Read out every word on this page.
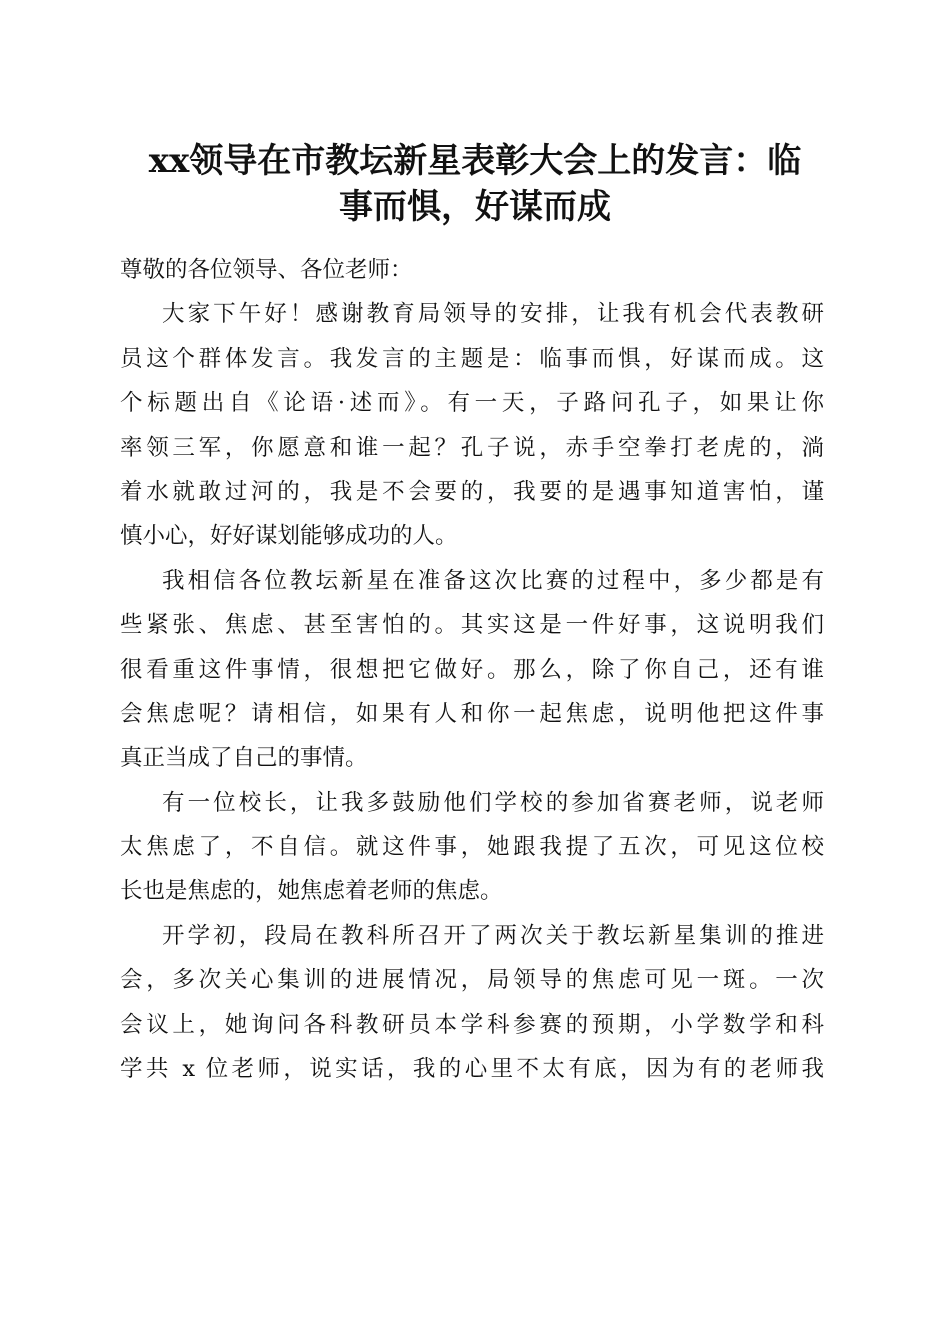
xx领导在市教坛新星表彰大会上的发言：临
事而惧，好谋而成
尊敬的各位领导、各位老师：
大家下午好！感谢教育局领导的安排，让我有机会代表教研
员这个群体发言。我发言的主题是：临事而惧，好谋而成。这
个标题出自《论语·述而》。有一天，子路问孔子，如果让你
率领三军，你愿意和谁一起？孔子说，赤手空拳打老虎的，淌
着水就敢过河的，我是不会要的，我要的是遇事知道害怕，谨
慎小心，好好谋划能够成功的人。
我相信各位教坛新星在准备这次比赛的过程中，多少都是有
些紧张、焦虑、甚至害怕的。其实这是一件好事，这说明我们
很看重这件事情，很想把它做好。那么，除了你自己，还有谁
会焦虑呢？请相信，如果有人和你一起焦虑，说明他把这件事
真正当成了自己的事情。
有一位校长，让我多鼓励他们学校的参加省赛老师，说老师
太焦虑了，不自信。就这件事，她跟我提了五次，可见这位校
长也是焦虑的，她焦虑着老师的焦虑。
开学初，段局在教科所召开了两次关于教坛新星集训的推进
会，多次关心集训的进展情况，局领导的焦虑可见一斑。一次
会议上，她询问各科教研员本学科参赛的预期，小学数学和科
学共 x 位老师，说实话，我的心里不太有底，因为有的老师我
